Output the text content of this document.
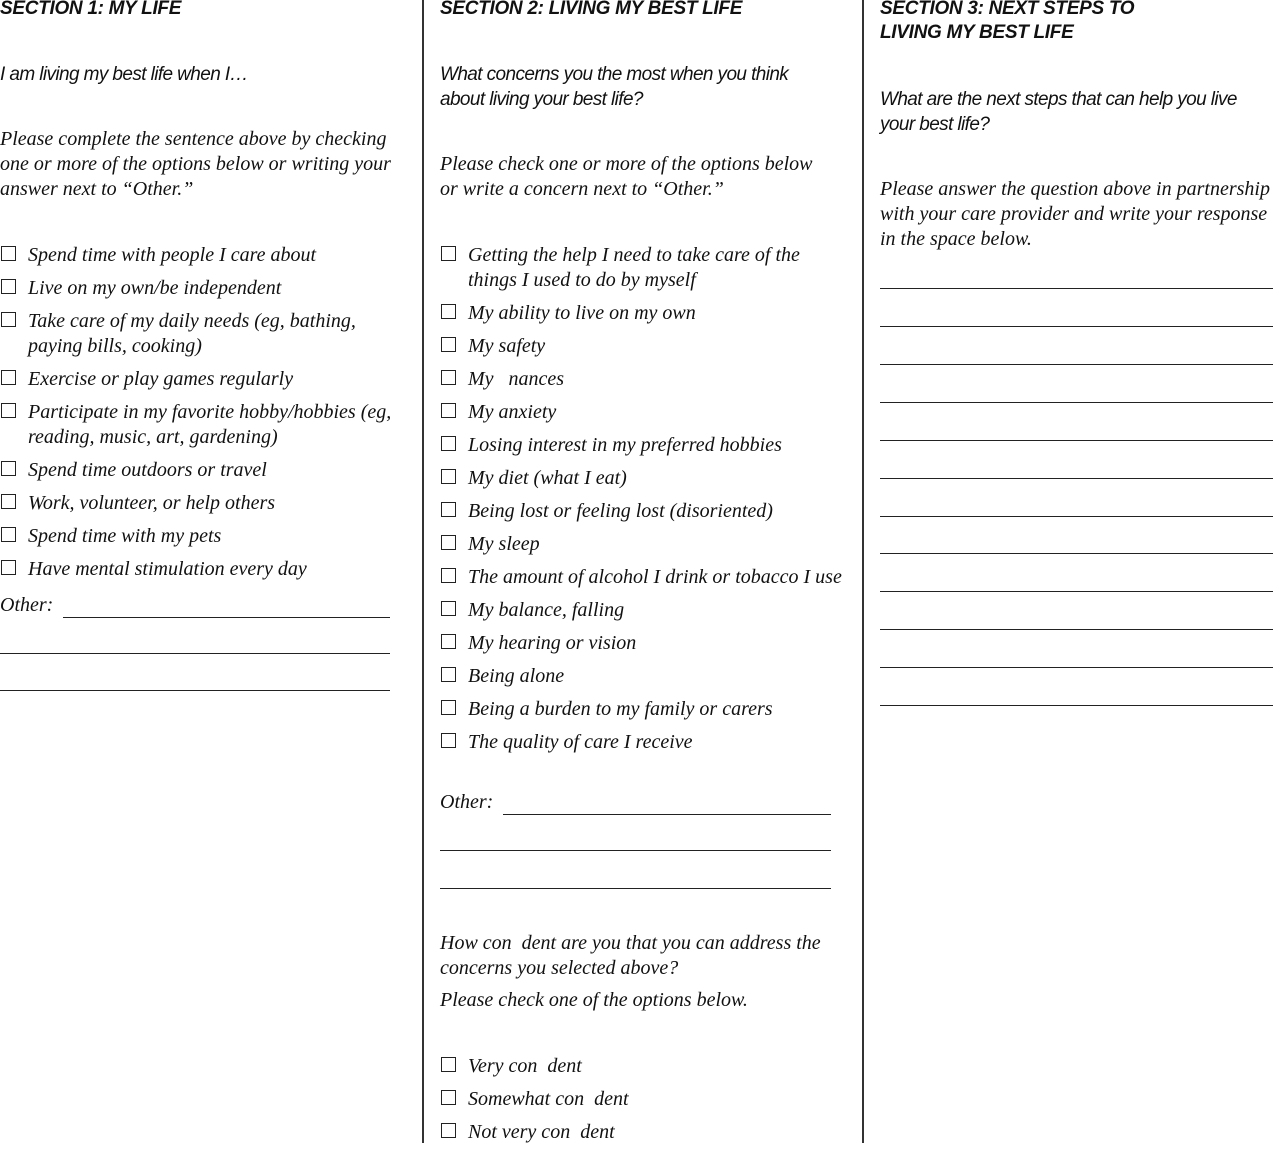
SECTION 1: MY LIFE

I am living my best life when I…

Please complete the sentence above by checking one or more of the options below or writing your answer next to “Other.”

Spend time with people I care about
Live on my own/be independent
Take care of my daily needs (eg, bathing, paying bills, cooking)
Exercise or play games regularly
Participate in my favorite hobby/hobbies (eg, reading, music, art, gardening)
Spend time outdoors or travel
Work, volunteer, or help others
Spend time with my pets
Have mental stimulation every day
Other:
SECTION 2: LIVING MY BEST LIFE

What concerns you the most when you think about living your best life?

Please check one or more of the options below or write a concern next to “Other.”

Getting the help I need to take care of the things I used to do by myself
My ability to live on my own
My safety
My   nances
My anxiety
Losing interest in my preferred hobbies
My diet (what I eat)
Being lost or feeling lost (disoriented)
My sleep
The amount of alcohol I drink or tobacco I use
My balance, falling
My hearing or vision
Being alone
Being a burden to my family or carers
The quality of care I receive
Other:

How con  dent are you that you can address the concerns you selected above?

Please check one of the options below.

Very con  dent
Somewhat con  dent
Not very con  dent
SECTION 3: NEXT STEPS TO LIVING MY BEST LIFE

What are the next steps that can help you live your best life?

Please answer the question above in partnership with your care provider and write your response in the space below.
